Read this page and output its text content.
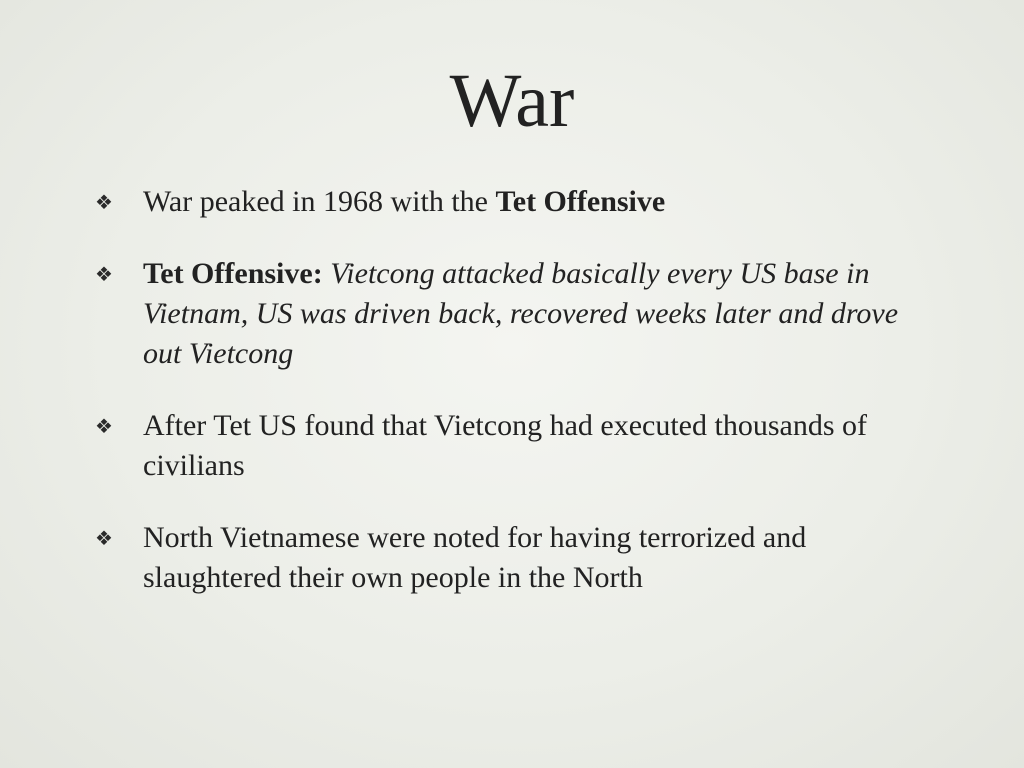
War
❖ War peaked in 1968 with the Tet Offensive
❖ Tet Offensive: Vietcong attacked basically every US base in Vietnam, US was driven back, recovered weeks later and drove out Vietcong
❖ After Tet US found that Vietcong had executed thousands of civilians
❖ North Vietnamese were noted for having terrorized and slaughtered their own people in the North
